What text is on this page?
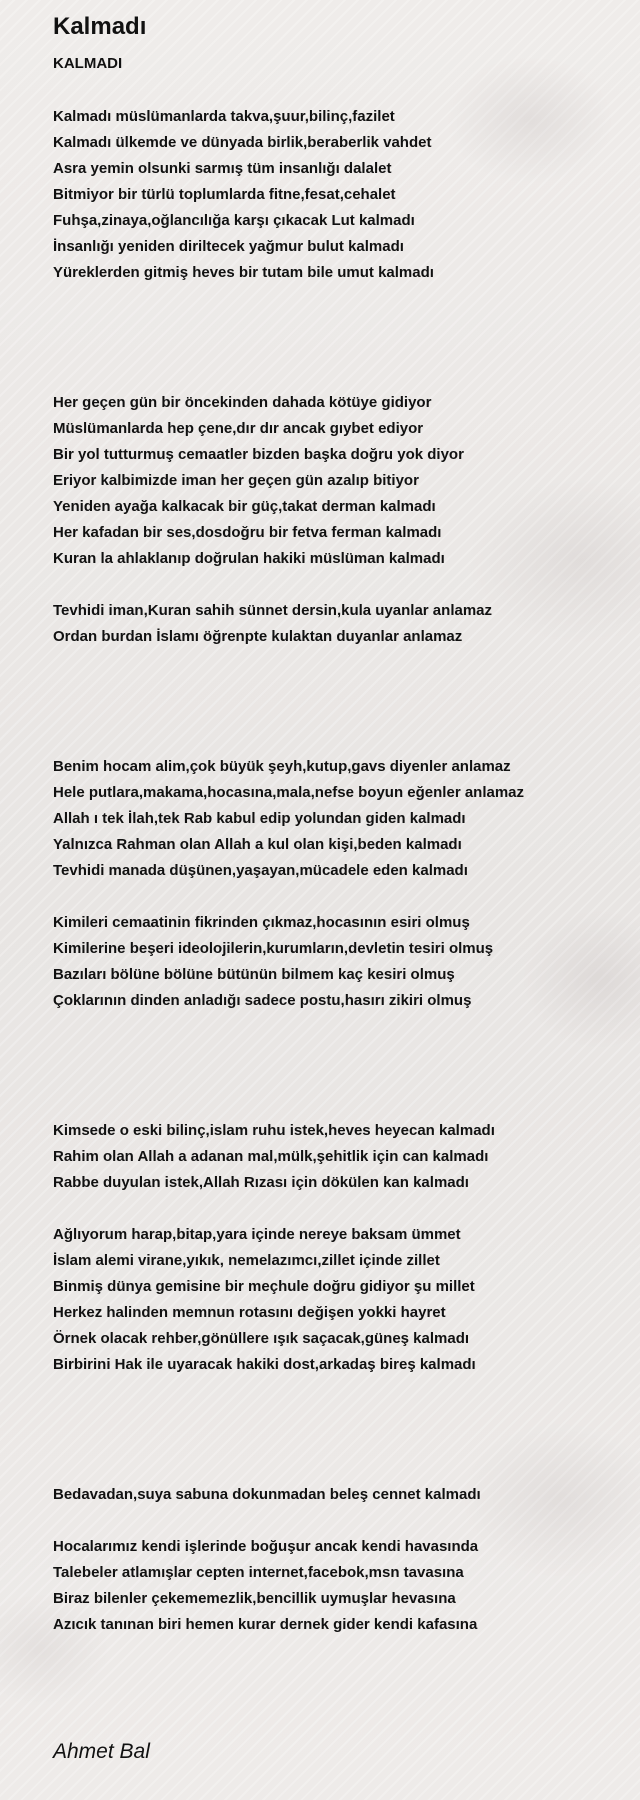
Kalmadı
KALMADI
Kalmadı müslümanlarda takva,şuur,bilinç,fazilet
Kalmadı ülkemde ve dünyada birlik,beraberlik vahdet
Asra yemin olsunki sarmış tüm insanlığı dalalet
Bitmiyor bir türlü toplumlarda fitne,fesat,cehalet
Fuhşa,zinaya,oğlancılığa karşı çıkacak Lut kalmadı
İnsanlığı yeniden diriltecek yağmur bulut kalmadı
Yüreklerden gitmiş heves bir tutam bile umut kalmadı
Her geçen gün bir öncekinden dahada kötüye gidiyor
Müslümanlarda hep çene,dır dır ancak gıybet ediyor
Bir yol tutturmuş cemaatler bizden başka doğru yok diyor
Eriyor kalbimizde iman her geçen gün azalıp bitiyor
Yeniden ayağa kalkacak bir güç,takat derman kalmadı
Her kafadan bir ses,dosdoğru bir fetva ferman kalmadı
Kuran la ahlaklanıp doğrulan hakiki müslüman kalmadı
Tevhidi iman,Kuran sahih sünnet dersin,kula uyanlar anlamaz
Ordan burdan İslamı öğrenpte kulaktan duyanlar anlamaz
Benim hocam alim,çok büyük şeyh,kutup,gavs diyenler anlamaz
Hele putlara,makama,hocasına,mala,nefse boyun eğenler anlamaz
Allah ı tek İlah,tek Rab kabul edip yolundan giden kalmadı
Yalnızca Rahman olan Allah a kul olan kişi,beden kalmadı
Tevhidi manada düşünen,yaşayan,mücadele eden kalmadı
Kimileri cemaatinin fikrinden çıkmaz,hocasının esiri olmuş
Kimilerine beşeri ideolojilerin,kurumların,devletin tesiri olmuş
Bazıları bölüne bölüne bütünün bilmem kaç kesiri olmuş
Çoklarının dinden anladığı sadece postu,hasırı zikiri olmuş
Kimsede o eski bilinç,islam ruhu istek,heves heyecan kalmadı
Rahim olan Allah a adanan mal,mülk,şehitlik için can kalmadı
Rabbe duyulan istek,Allah Rızası için dökülen kan kalmadı
Ağlıyorum harap,bitap,yara içinde nereye baksam ümmet
İslam alemi virane,yıkık, nemelazımcı,zillet içinde zillet
Binmiş dünya gemisine bir meçhule doğru gidiyor şu millet
Herkez halinden memnun rotasını değişen yokki hayret
Örnek olacak rehber,gönüllere ışık saçacak,güneş kalmadı
Birbirini Hak ile uyaracak hakiki dost,arkadaş bireş kalmadı
Bedavadan,suya sabuna dokunmadan beleş cennet kalmadı
Hocalarımız kendi işlerinde boğuşur ancak kendi havasında
Talebeler atlamışlar cepten internet,facebok,msn tavasına
Biraz bilenler çekememezlik,bencillik uymuşlar hevasına
Azıcık tanınan biri hemen kurar dernek gider kendi kafasına
Ahmet Bal
